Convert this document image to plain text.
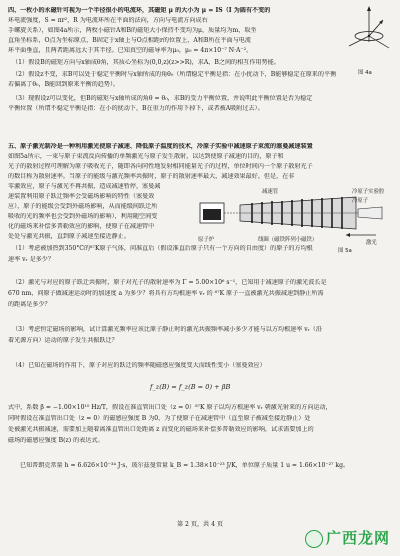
四、一枚小的永磁针可视为一个半径很小的电流环，其磁矩 μ 的大小为 μ = IS（I 为圆有不变的
环电流强度，S = πr²，R 为电流环所在平面的法向，方向与电流方向成右
手螺旋关系），如图4a所示，两枚小磁针A和B的磁矩大小保持不变均为μ，质量均为m，取坐
直角坐标系，O点为坐标原点，B固定于x轴上与O点相距r的位置上，A和B所在平面与电流
环平面垂直，且两者距离远大于其半径。已知真空的磁导率为μ₀，μ₀ = 4π×10⁻⁷ N·A⁻²。
（1）假设B的磁矩方向与x轴成θ角，其质心坐标为(0,0,z)(z>>R)，求A、B之间的相互作用势能。
（2）假设z不变，求B可以处于稳定平衡时与x轴所成的角θ₀（所谓稳定平衡是指：在小扰动下，B能够稳定在原来的平衡
若偏离了θ₀，B能回到原来平衡的趋势）。
（3）现假设z可以变化，但B的磁矩与x轴所成的角θ = θ₀，求B的受力平衡位置，并说明此平衡位置是否为稳定
平衡位置（所谓不稳定平衡是指：在小的扰动下，B在重力的作用下掉下，或者被A吸附过去）。
图 4a
五、原子激光制冷是一种利用激光使原子减速、降低原子温度的技术，冷原子实验中减速原子束流的塞曼减速装置
如图5a所示，一束与原子束流反向传播的单频激光与原子发生散射，以达到使原子减速的目的，原子和
光子的散射过程可理解为原子吸收光子，随即各向同性地发射相同能量光子的过程，单位时间内一个原子散射光子
的数目称为散射速率。当原子的能级与激光频率共振时，原子的散射速率最大，减速效果最好，但是，在非
零激效应，原子与激光不再共振，造成减速暂停，塞曼减
速装置利用原子跃迁频率会受磁场影响的特性（塞曼效
应），原子的能级会受到外磁场影响，从而能级间跃迁所
吸收的光的频率也会受到外磁场的影响），利用随空间变
化的磁场来补偿多普勒效应的影响，使原子在减速管中
处处与激光共振，直到原子减速至接近静止。	原子炉
减速管	冷原子实验腔
冷原子
激光
线圈（磁铁阵列小磁铁）
图 5a
（1）考虑被加热到350°C的⁸⁷K原子气体，问准直后（假设准直后原子只有一个方向的自由度）的原子的方均根
速率 vᵣ 是多少？
（2）激光与对应的原子跃迁共振时，原子对光子的散射速率为 Γ = 5.00×10⁶ s⁻¹，已知用于减速原子的激光波长是
670 nm，问原子做减速运动时的加速度 a 为多少？将具有方均根速率 vᵣ 的 ⁸⁷K 原子一直被激光共振减速到静止所需
的距离是多少？
（3）考虑恒定磁场的影响，试计算激光频率应该比原子静止时的激光共振频率减小多少才能与以方均根速率 vᵣ（沿
着光源方向）运动的原子发生共振跃迁？
（4）已知在磁场的作用下，原子对应的跃迁的频率随磁感应强度变大而线性变小（塞曼效应）
f_z(B) = f_z(B = 0) + βB
式中，系数 β = −1.00×10¹⁰ Hz/T，假设在准直管出口处（z = 0）⁸⁷K 原子以均方根速率 vᵣ 朝激光射来的方向运动，
同时假设在准直管出口处（z = 0）的磁感应强度 B 为0，为了使原子在减速管中（直至原子被减至接近静止）处
处被激光共振减速，需要加上随着离准直管出口处距离 z 而变化的磁场来补偿多普勒效应的影响，试求需要加上的
磁场的磁感应强度 B(z) 的表达式。
已知普朗克常量 h = 6.626×10⁻³⁴ J·s，玻尔兹曼常量 k_B = 1.38×10⁻²³ J/K，单位原子质量 1 u = 1.66×10⁻²⁷ kg。
第 2 页，共 4 页
广西龙网
